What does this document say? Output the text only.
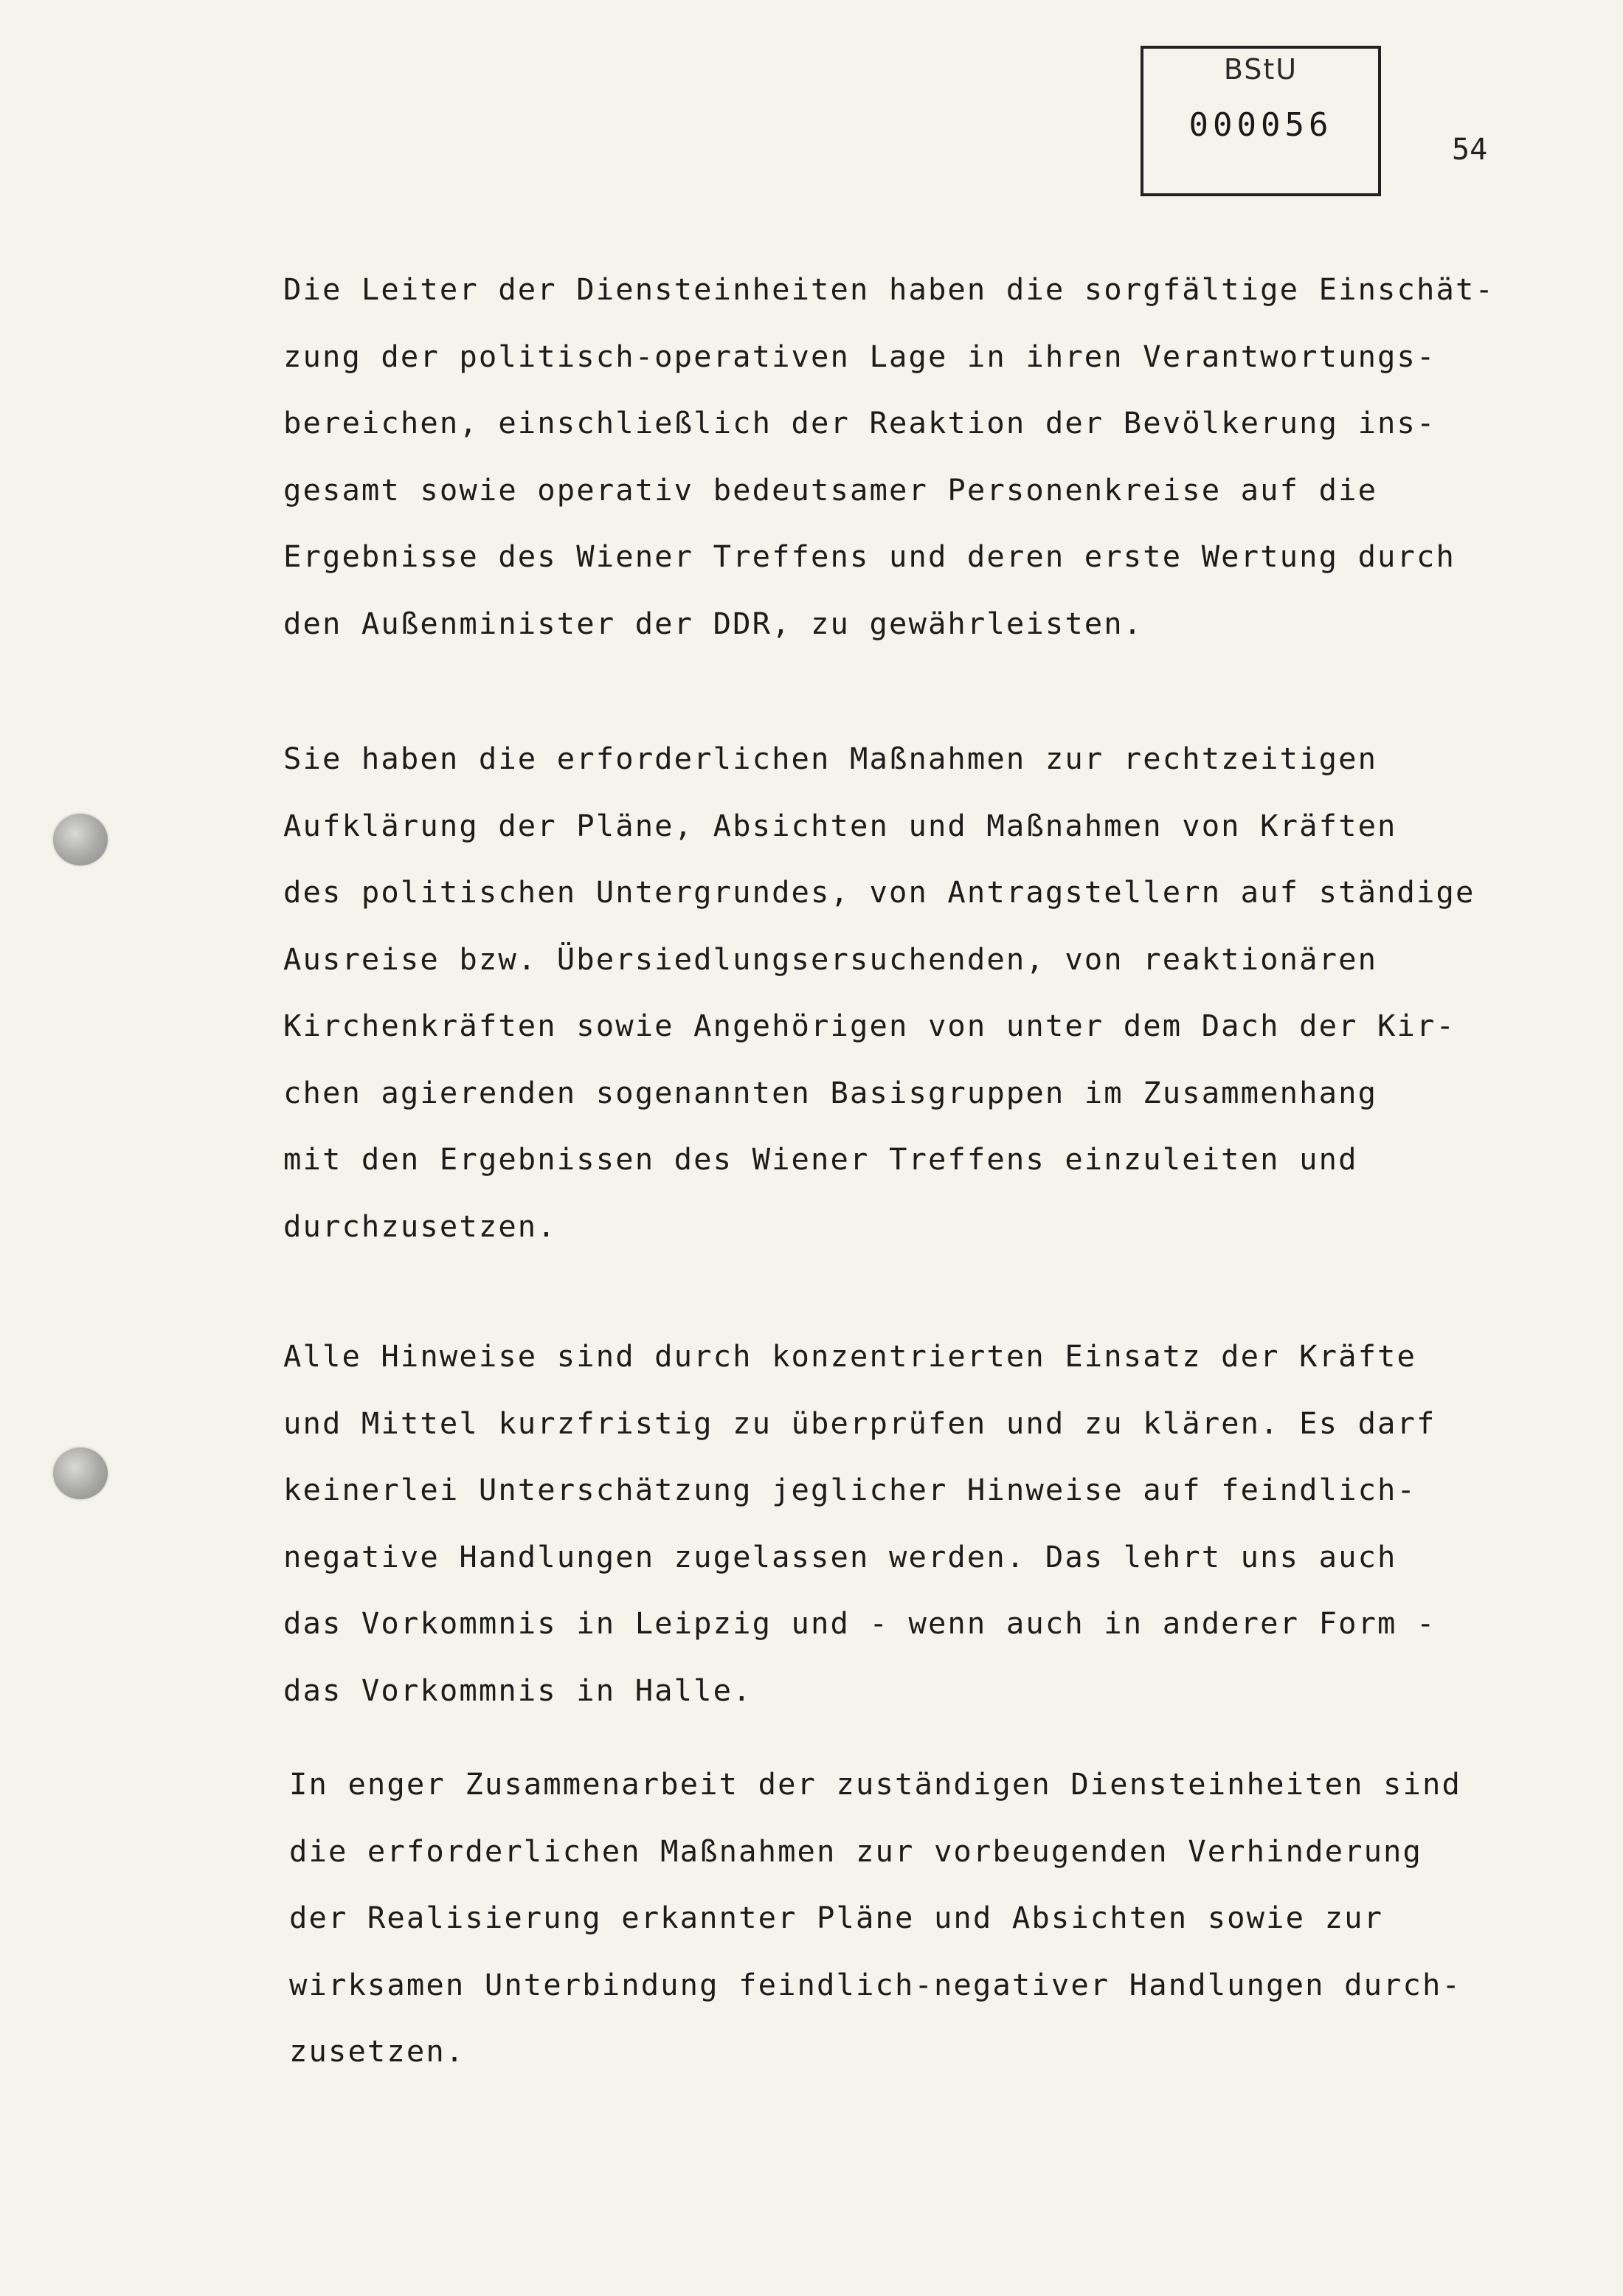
BStU
000056
54
Die Leiter der Diensteinheiten haben die sorgfältige Einschät-
zung der politisch-operativen Lage in ihren Verantwortungs-
bereichen, einschließlich der Reaktion der Bevölkerung ins-
gesamt sowie operativ bedeutsamer Personenkreise auf die
Ergebnisse des Wiener Treffens und deren erste Wertung durch
den Außenminister der DDR, zu gewährleisten.
Sie haben die erforderlichen Maßnahmen zur rechtzeitigen
Aufklärung der Pläne, Absichten und Maßnahmen von Kräften
des politischen Untergrundes, von Antragstellern auf ständige
Ausreise bzw. Übersiedlungsersuchenden, von reaktionären
Kirchenkräften sowie Angehörigen von unter dem Dach der Kir-
chen agierenden sogenannten Basisgruppen im Zusammenhang
mit den Ergebnissen des Wiener Treffens einzuleiten und
durchzusetzen.
Alle Hinweise sind durch konzentrierten Einsatz der Kräfte
und Mittel kurzfristig zu überprüfen und zu klären. Es darf
keinerlei Unterschätzung jeglicher Hinweise auf feindlich-
negative Handlungen zugelassen werden. Das lehrt uns auch
das Vorkommnis in Leipzig und - wenn auch in anderer Form -
das Vorkommnis in Halle.
In enger Zusammenarbeit der zuständigen Diensteinheiten sind
die erforderlichen Maßnahmen zur vorbeugenden Verhinderung
der Realisierung erkannter Pläne und Absichten sowie zur
wirksamen Unterbindung feindlich-negativer Handlungen durch-
zusetzen.
